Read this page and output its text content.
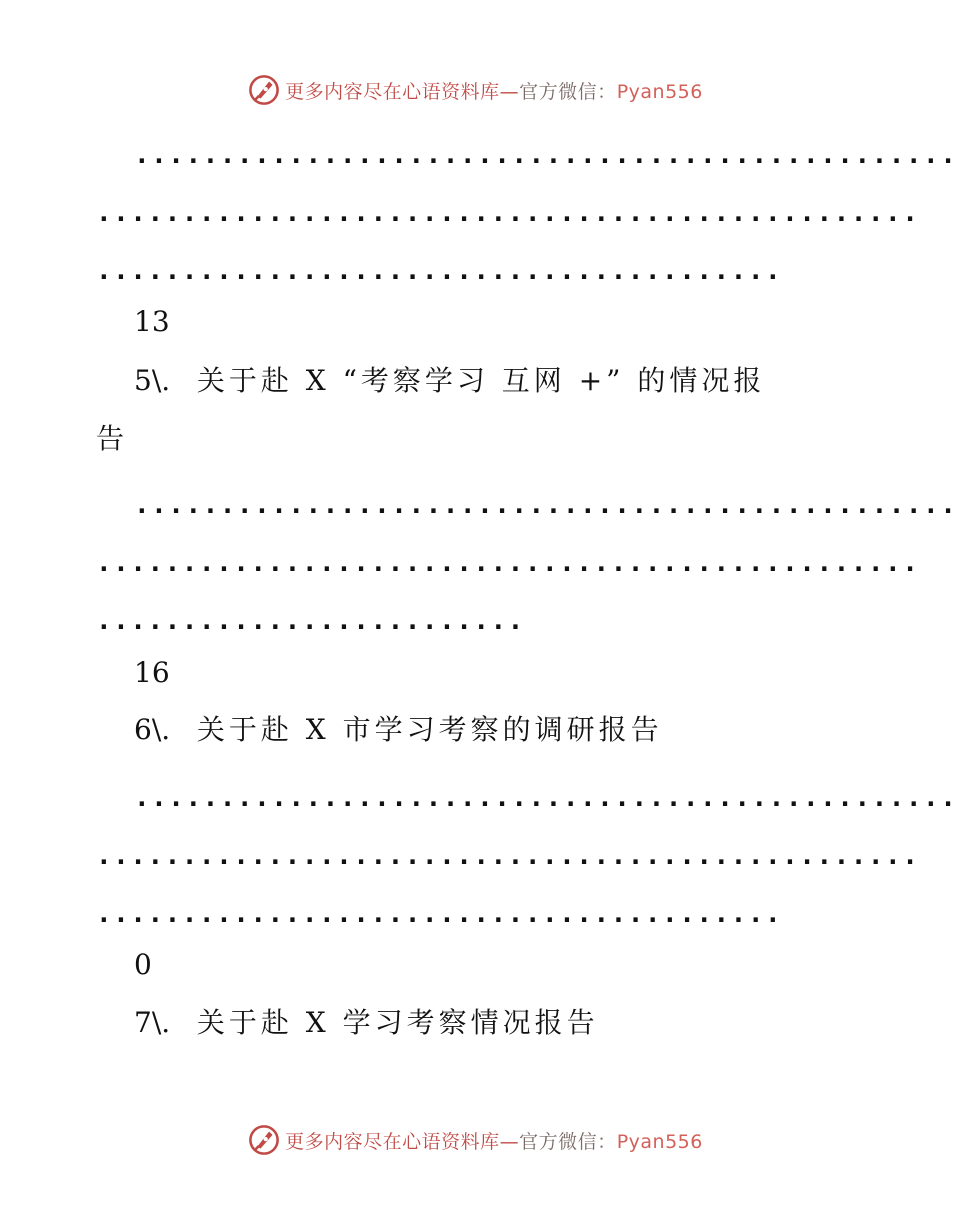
更多内容尽在心语资料库—官方微信：Pyan556
................................................
................................................
........................................
13
5\. 关于赴 X “考察学习 互网 +” 的情况报
告
................................................
................................................
.........................
16
6\. 关于赴 X 市学习考察的调研报告
................................................
................................................
........................................
0
7\. 关于赴 X 学习考察情况报告
更多内容尽在心语资料库—官方微信：Pyan556
